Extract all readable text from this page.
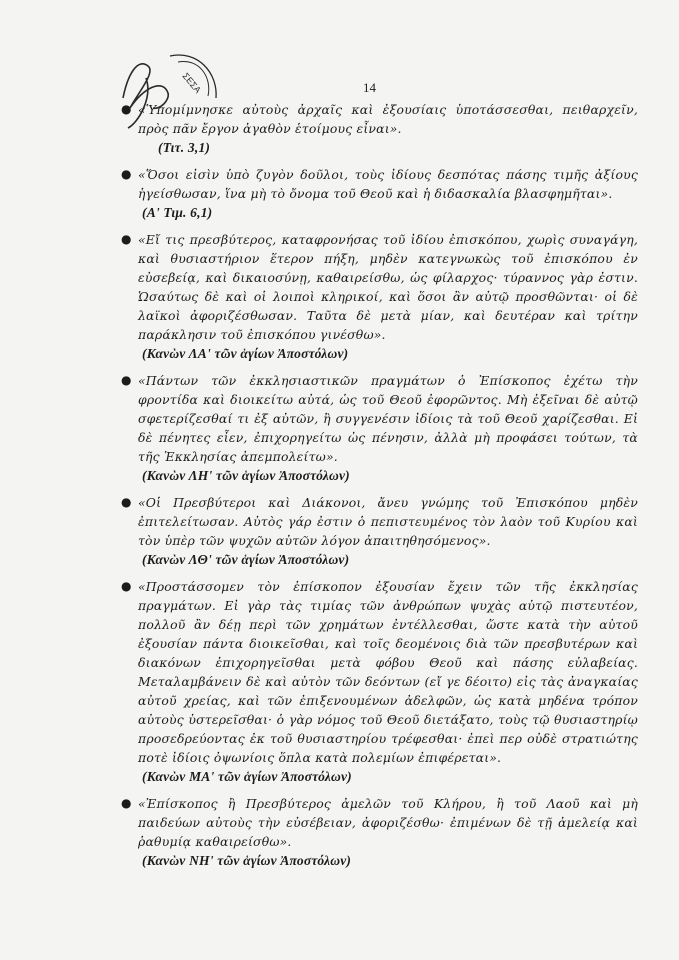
ΣΕΣΑ	14
● «Ὑπομίμνησκε αὐτοὺς ἀρχαῖς καὶ ἐξουσίαις ὑποτάσσεσθαι, πειθαρχεῖν, πρὸς πᾶν ἔργον ἀγαθὸν ἑτοίμους εἶναι».
(Τιτ. 3,1)
● «Ὅσοι εἰσὶν ὑπὸ ζυγὸν δοῦλοι, τοὺς ἰδίους δεσπότας πάσης τιμῆς ἀξίους ἡγείσθωσαν, ἵνα μὴ τὸ ὄνομα τοῦ Θεοῦ καὶ ἡ διδασκαλία βλασφημῆται».
(Α' Τιμ. 6,1)
● «Εἴ τις πρεσβύτερος, καταφρονήσας τοῦ ἰδίου ἐπισκόπου, χωρὶς συναγάγη, καὶ θυσιαστήριον ἕτερον πήξη, μηδὲν κατεγνωκὼς τοῦ ἐπισκόπου ἐν εὐσεβείᾳ, καὶ δικαιοσύνῃ, καθαιρείσθω, ὡς φίλαρχος· τύραννος γὰρ ἐστιν. Ὡσαύτως δὲ καὶ οἱ λοιποὶ κληρικοί, καὶ ὅσοι ἂν αὐτῷ προσθῶνται· οἱ δὲ λαϊκοὶ ἀφοριζέσθωσαν. Ταῦτα δὲ μετὰ μίαν, καὶ δευτέραν καὶ τρίτην παράκλησιν τοῦ ἐπισκόπου γινέσθω».
(Κανὼν ΛΑ' τῶν ἁγίων Ἀποστόλων)
● «Πάντων τῶν ἐκκλησιαστικῶν πραγμάτων ὁ Ἐπίσκοπος ἐχέτω τὴν φροντίδα καὶ διοικείτω αὐτά, ὡς τοῦ Θεοῦ ἐφορῶντος. Μὴ ἐξεῖναι δὲ αὐτῷ σφετερίζεσθαί τι ἐξ αὐτῶν, ἢ συγγενέσιν ἰδίοις τὰ τοῦ Θεοῦ χαρίζεσθαι. Εἰ δὲ πένητες εἶεν, ἐπιχορηγείτω ὡς πένησιν, ἀλλὰ μὴ προφάσει τούτων, τὰ τῆς Ἐκκλησίας ἀπεμπολείτω».
(Κανὼν ΛΗ' τῶν ἁγίων Ἀποστόλων)
● «Οἱ Πρεσβύτεροι καὶ Διάκονοι, ἄνευ γνώμης τοῦ Ἐπισκόπου μηδὲν ἐπιτελείτωσαν. Αὐτὸς γάρ ἐστιν ὁ πεπιστευμένος τὸν λαὸν τοῦ Κυρίου καὶ τὸν ὑπὲρ τῶν ψυχῶν αὐτῶν λόγον ἀπαιτηθησόμενος».
(Κανὼν ΛΘ' τῶν ἁγίων Ἀποστόλων)
● «Προστάσσομεν τὸν ἐπίσκοπον ἐξουσίαν ἔχειν τῶν τῆς ἐκκλησίας πραγμάτων. Εἰ γὰρ τὰς τιμίας τῶν ἀνθρώπων ψυχὰς αὐτῷ πιστευτέον, πολλοῦ ἂν δέῃ περὶ τῶν χρημάτων ἐντέλλεσθαι, ὥστε κατὰ τὴν αὐτοῦ ἐξουσίαν πάντα διοικεῖσθαι, καὶ τοῖς δεομένοις διὰ τῶν πρεσβυτέρων καὶ διακόνων ἐπιχορηγεῖσθαι μετὰ φόβου Θεοῦ καὶ πάσης εὐλαβείας. Μεταλαμβάνειν δὲ καὶ αὐτὸν τῶν δεόντων (εἴ γε δέοιτο) εἰς τὰς ἀναγκαίας αὐτοῦ χρείας, καὶ τῶν ἐπιξενουμένων ἀδελφῶν, ὡς κατὰ μηδένα τρόπον αὐτοὺς ὑστερεῖσθαι· ὁ γὰρ νόμος τοῦ Θεοῦ διετάξατο, τοὺς τῷ θυσιαστηρίῳ προσεδρεύοντας ἐκ τοῦ θυσιαστηρίου τρέφεσθαι· ἐπεὶ περ οὐδὲ στρατιώτης ποτὲ ἰδίοις ὀψωνίοις ὅπλα κατὰ πολεμίων ἐπιφέρεται».
(Κανὼν ΜΑ' τῶν ἁγίων Ἀποστόλων)
● «Ἐπίσκοπος ἢ Πρεσβύτερος ἀμελῶν τοῦ Κλήρου, ἢ τοῦ Λαοῦ καὶ μὴ παιδεύων αὐτοὺς τὴν εὐσέβειαν, ἀφοριζέσθω· ἐπιμένων δὲ τῇ ἀμελείᾳ καὶ ῥαθυμίᾳ καθαιρείσθω».
(Κανὼν ΝΗ' τῶν ἁγίων Ἀποστόλων)
